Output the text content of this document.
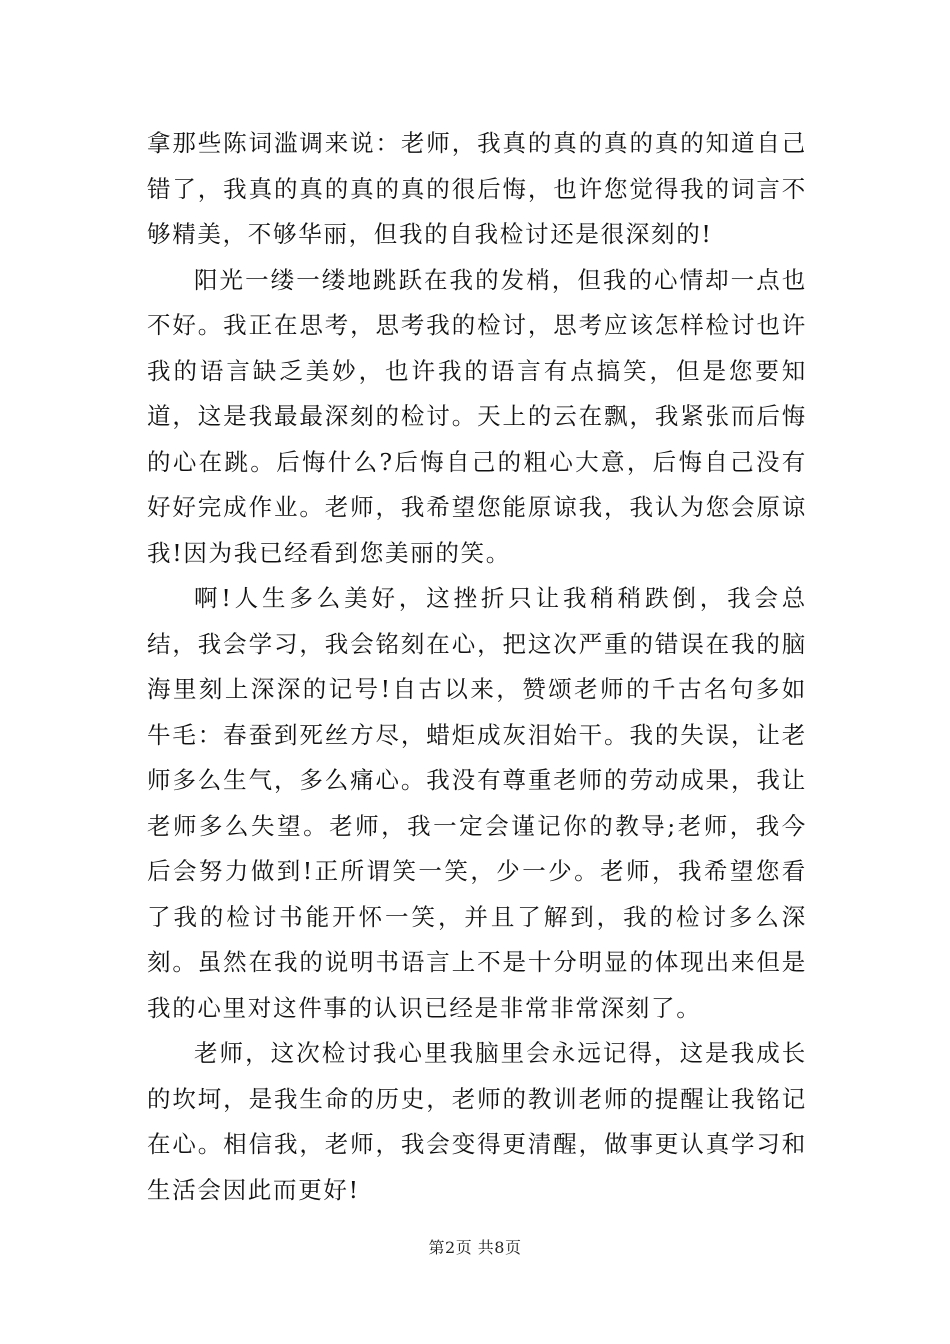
拿那些陈词滥调来说：老师，我真的真的真的真的知道自己错了，我真的真的真的真的很后悔，也许您觉得我的词言不够精美，不够华丽，但我的自我检讨还是很深刻的!

阳光一缕一缕地跳跃在我的发梢，但我的心情却一点也不好。我正在思考，思考我的检讨，思考应该怎样检讨也许我的语言缺乏美妙，也许我的语言有点搞笑，但是您要知道，这是我最最深刻的检讨。天上的云在飘，我紧张而后悔的心在跳。后悔什么?后悔自己的粗心大意，后悔自己没有好好完成作业。老师，我希望您能原谅我，我认为您会原谅我!因为我已经看到您美丽的笑。

啊!人生多么美好，这挫折只让我稍稍跌倒，我会总结，我会学习，我会铭刻在心，把这次严重的错误在我的脑海里刻上深深的记号!自古以来，赞颂老师的千古名句多如牛毛：春蚕到死丝方尽，蜡炬成灰泪始干。我的失误，让老师多么生气，多么痛心。我没有尊重老师的劳动成果，我让老师多么失望。老师，我一定会谨记你的教导;老师，我今后会努力做到!正所谓笑一笑，少一少。老师，我希望您看了我的检讨书能开怀一笑，并且了解到，我的检讨多么深刻。虽然在我的说明书语言上不是十分明显的体现出来但是我的心里对这件事的认识已经是非常非常深刻了。

老师，这次检讨我心里我脑里会永远记得，这是我成长的坎坷，是我生命的历史，老师的教训老师的提醒让我铭记在心。相信我，老师，我会变得更清醒，做事更认真学习和生活会因此而更好!

第2页 共8页
